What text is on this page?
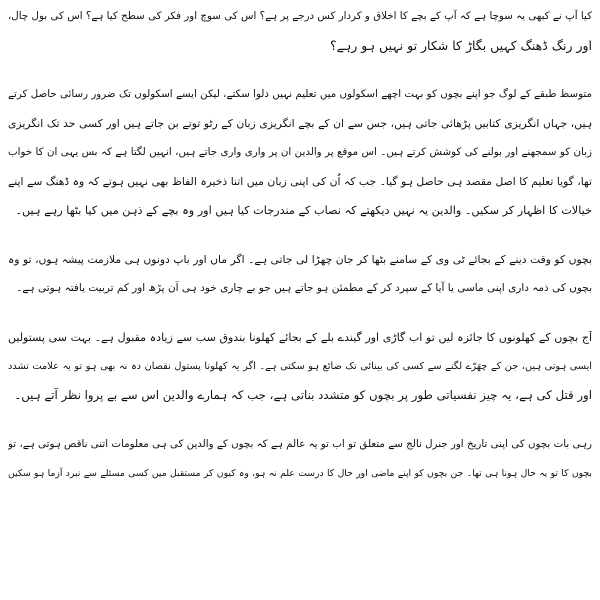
کیا آپ نے کبھی یہ سوچا ہے کہ آپ کے بچے کا اخلاق و کردار کس درجے پر ہے؟ اس کی سوچ اور فکر کی سطح کیا ہے؟ اس کی بول چال،
اور رنگ ڈھنگ کہیں بگاڑ کا شکار تو نہیں ہو رہے؟
متوسط طبقے کے لوگ جو اپنے بچوں کو بہت اچھے اسکولوں میں تعلیم نہیں دلوا سکتے، لیکن ایسے اسکولوں تک ضرور رسائی حاصل کرتے
ہیں، جہاں انگریزی کتابیں پڑھائی جاتی ہیں، جس سے ان کے بچے انگریزی زبان کے رٹو توتے بن جاتے ہیں اور کسی حد تک انگریزی
زبان کو سمجھنے اور بولنے کی کوشش کرتے ہیں۔ اس موقع پر والدین ان پر واری واری جاتے ہیں، انہیں لگتا ہے کہ بس یہی ان کا خواب
تھا، گویا تعلیم کا اصل مقصد ہی حاصل ہو گیا۔ جب کہ اُن کی اپنی زبان میں اتنا ذخیرہ الفاظ بھی نہیں ہوتے کہ وہ ڈھنگ سے اپنے
خیالات کا اظہار کر سکیں۔ والدین یہ نہیں دیکھتے کہ نصاب کے مندرجات کیا ہیں اور وہ بچے کے ذہن میں کیا بٹھا رہے ہیں۔
بچوں کو وقت دینے کے بجائے ٹی وی کے سامنے بٹھا کر جان چھڑا لی جاتی ہے۔ اگر ماں اور باپ دونوں ہی ملازمت پیشہ ہوں، تو وہ
بچوں کی ذمہ داری اپنی ماسی یا آیا کے سپرد کر کے مطمئن ہو جاتے ہیں جو بے چاری خود ہی اَن پڑھ اور کم تربیت یافتہ ہوتی ہے۔
آج بچوں کے کھلونوں کا جائزہ لیں تو اب گاڑی اور گیندے بلے کے بجائے کھلونا بندوق سب سے زیادہ مقبول ہے۔ بہت سی پستولیں
ایسی ہوتی ہیں، جن کے چھَرّے لگنے سے کسی کی بینائی تک ضائع ہو سکتی ہے۔ اگر یہ کھلونا پستول نقصان دہ نہ بھی ہو تو یہ علامت تشدد
اور قتل کی ہے، یہ چیز نفسیاتی طور پر بچوں کو متشدد بناتی ہے، جب کہ ہمارے والدین اس سے بے پروا نظر آتے ہیں۔
رہی بات بچوں کی اپنی تاریخ اور جنرل نالج سے متعلق تو اب تو یہ عالم ہے کہ بچوں کے والدین کی ہی معلومات اتنی ناقص ہوتی ہے، تو
بچوں کا تو یہ حال ہونا ہی تھا۔ جن بچوں کو اپنے ماضی اور حال کا درست علم نہ ہو، وہ کیوں کر مستقبل میں کسی مسئلے سے نبرد آزما ہو سکیں
